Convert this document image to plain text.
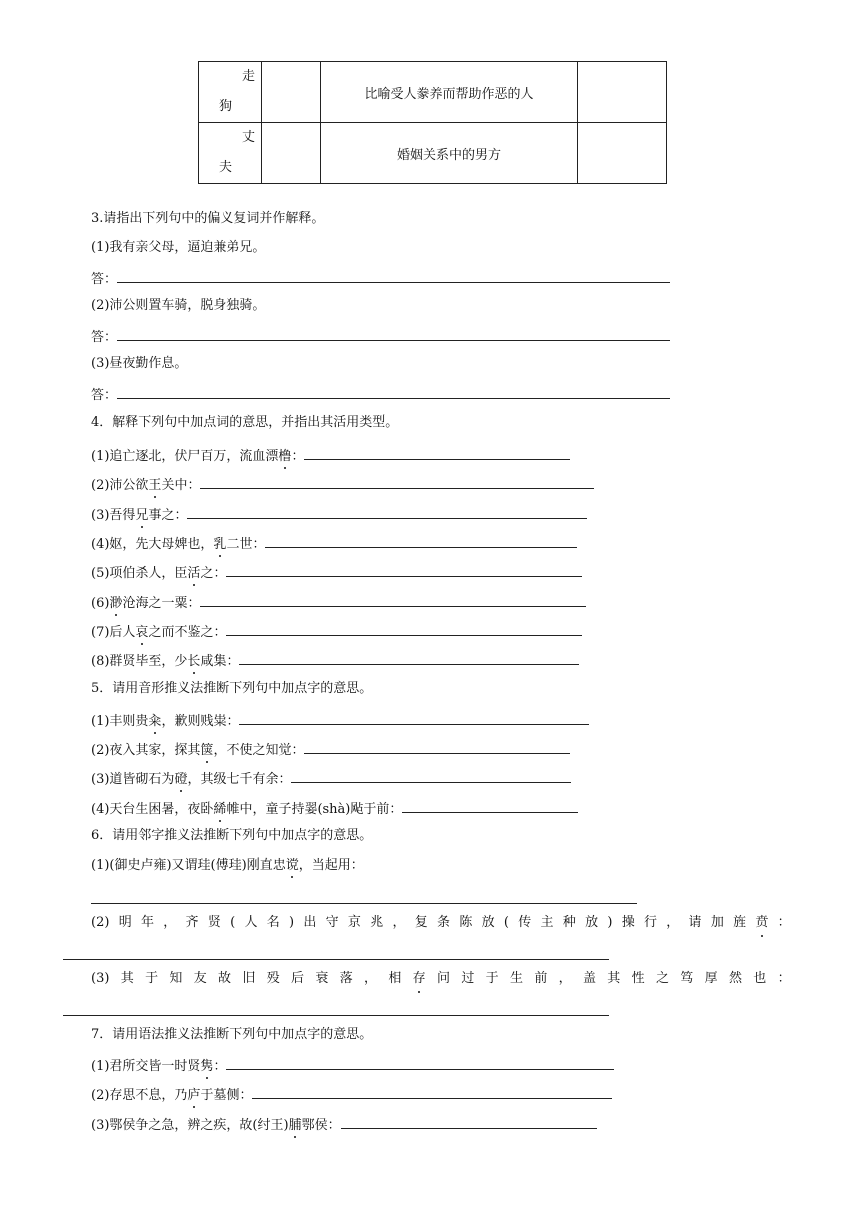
走
狗		比喻受人豢养而帮助作恶的人	

丈
夫		婚姻关系中的男方	
3.请指出下列句中的偏义复词并作解释。
(1)我有亲父母，逼迫兼弟兄。
答：
(2)沛公则置车骑，脱身独骑。
答：
(3)昼夜勤作息。
答：
4．解释下列句中加点词的意思，并指出其活用类型。
(1)追亡逐北，伏尸百万，流血漂橹：
(2)沛公欲王关中：
(3)吾得兄事之：
(4)妪，先大母婢也，乳二世：
(5)项伯杀人，臣活之：
(6)渺沧海之一粟：
(7)后人哀之而不鉴之：
(8)群贤毕至，少长咸集：
5．请用音形推义法推断下列句中加点字的意思。
(1)丰则贵籴，歉则贱粜：
(2)夜入其家，探其箧，不使之知觉：
(3)道皆砌石为磴，其级七千有余：
(4)天台生困暑，夜卧絺帷中，童子持翣(shà)飐于前：
6．请用邻字推义法推断下列句中加点字的意思。
(1)(御史卢雍)又谓珪(傅珪)刚直忠谠，当起用：
(2) 明 年 ， 齐 贤 ( 人 名 ) 出 守 京 兆 ， 复 条 陈 放 ( 传 主 种 放 ) 操 行 ， 请 加 旌 贲 ：
(3) 其 于 知 友 故 旧 殁 后 衰 落 ， 相 存 问 过 于 生 前 ， 盖 其 性 之 笃 厚 然 也 ：
7．请用语法推义法推断下列句中加点字的意思。
(1)君所交皆一时贤隽：
(2)存思不息，乃庐于墓侧：
(3)鄂侯争之急，辨之疾，故(纣王)脯鄂侯：
